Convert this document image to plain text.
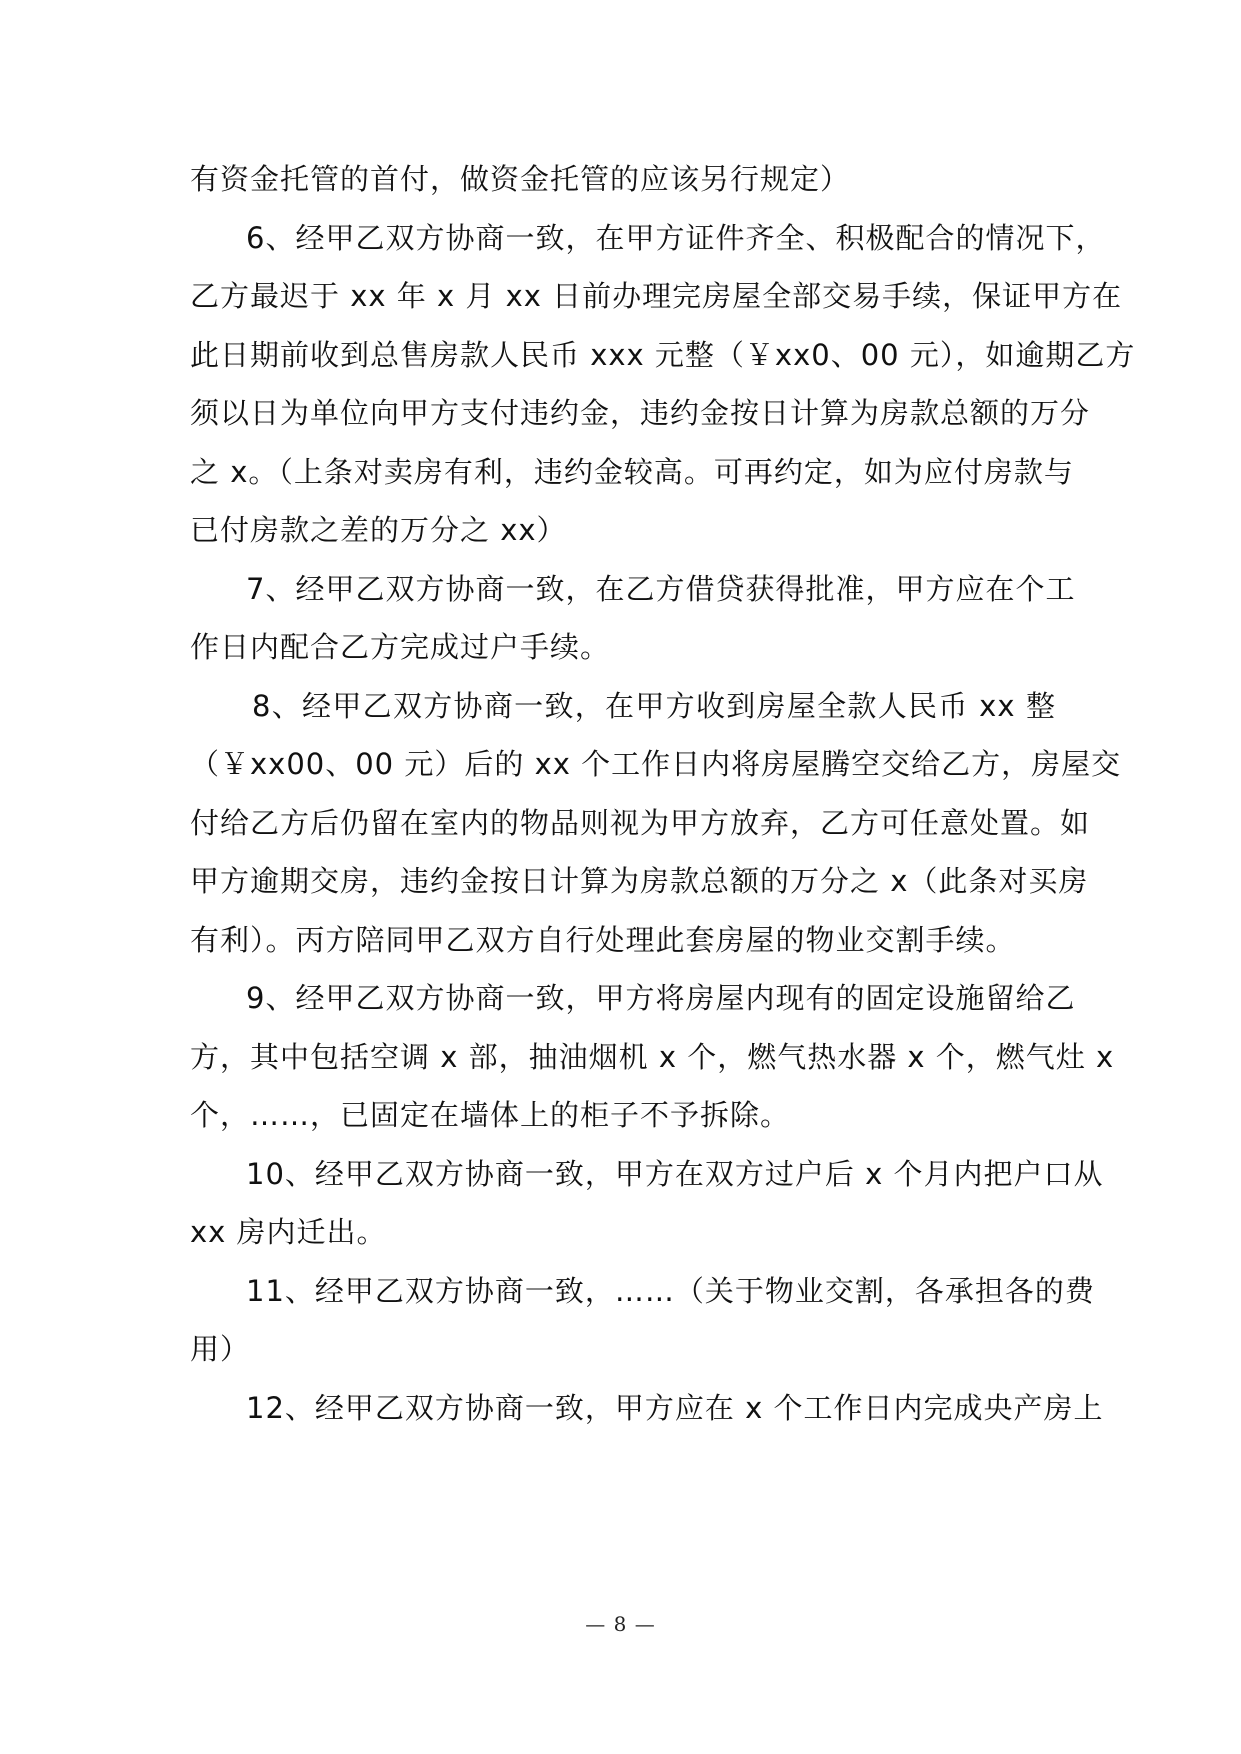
有资金托管的首付，做资金托管的应该另行规定）
6、经甲乙双方协商一致，在甲方证件齐全、积极配合的情况下，
乙方最迟于 xx 年 x 月 xx 日前办理完房屋全部交易手续，保证甲方在
此日期前收到总售房款人民币 xxx 元整（￥xx0、00 元），如逾期乙方
须以日为单位向甲方支付违约金，违约金按日计算为房款总额的万分
之 x。（上条对卖房有利，违约金较高。可再约定，如为应付房款与
已付房款之差的万分之 xx）
7、经甲乙双方协商一致，在乙方借贷获得批准，甲方应在个工
作日内配合乙方完成过户手续。
8、经甲乙双方协商一致，在甲方收到房屋全款人民币 xx 整
（￥xx00、00 元）后的 xx 个工作日内将房屋腾空交给乙方，房屋交
付给乙方后仍留在室内的物品则视为甲方放弃，乙方可任意处置。如
甲方逾期交房，违约金按日计算为房款总额的万分之 x（此条对买房
有利）。丙方陪同甲乙双方自行处理此套房屋的物业交割手续。
9、经甲乙双方协商一致，甲方将房屋内现有的固定设施留给乙
方，其中包括空调 x 部，抽油烟机 x 个，燃气热水器 x 个，燃气灶 x
个，……，已固定在墙体上的柜子不予拆除。
10、经甲乙双方协商一致，甲方在双方过户后 x 个月内把户口从
xx 房内迁出。
11、经甲乙双方协商一致，……（关于物业交割，各承担各的费
用）
12、经甲乙双方协商一致，甲方应在 x 个工作日内完成央产房上
— 8 —
